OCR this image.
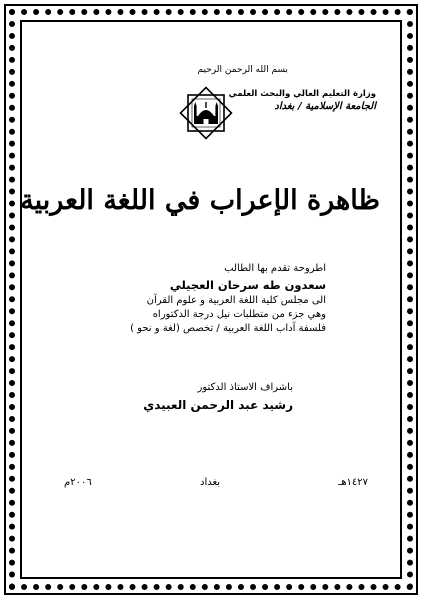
بسم الله الرحمن الرحيم
وزارة التعليم العالي والبحث العلمي
الجامعة الإسلامية / بغداد
ظاهرة الإعراب في اللغة العربية
اطروحة تقدم بها الطالب
سعدون طه سرحان العجيلي
الى مجلس كلية اللغة العربية و علوم القرآن
وهي جزء من متطلبات نيل درجة الدكتوراه
فلسفة آداب اللغة العربية / تخصص (لغة و نحو )
باشراف الاستاذ الدكتور
رشيد عبد الرحمن العبيدي
١٤٢٧هـ
بغداد
٢٠٠٦م
